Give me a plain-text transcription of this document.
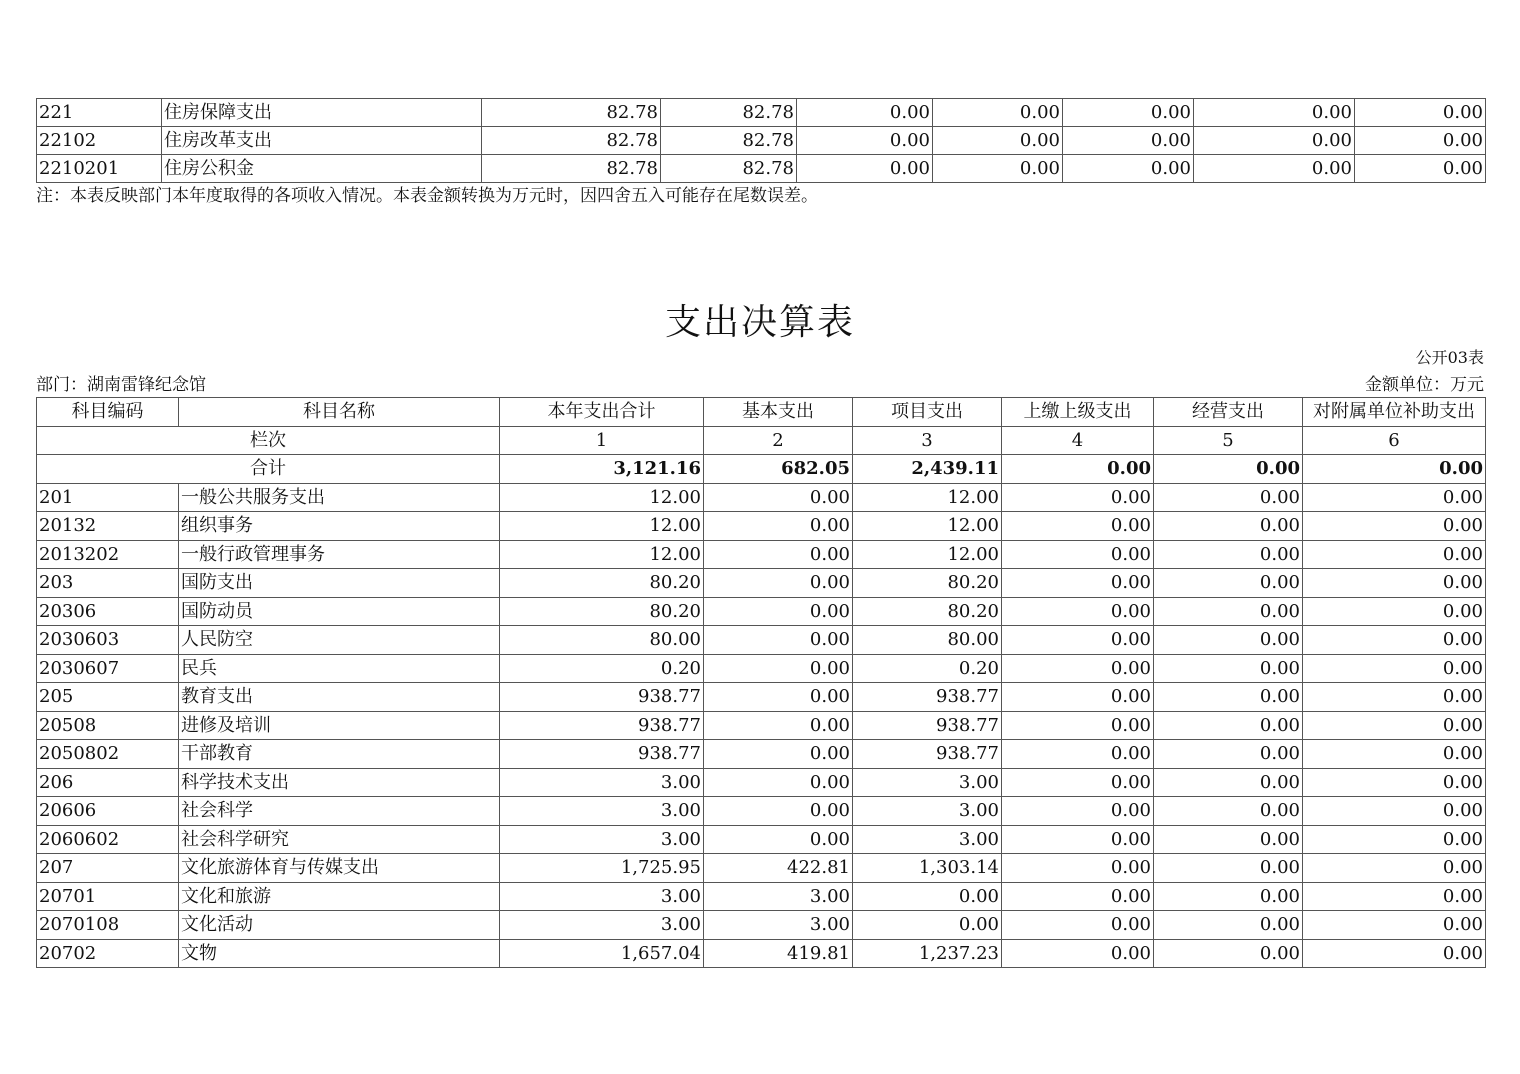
221	住房保障支出	82.78	82.78	0.00	0.00	0.00	0.00	0.00
22102	住房改革支出	82.78	82.78	0.00	0.00	0.00	0.00	0.00
2210201	住房公积金	82.78	82.78	0.00	0.00	0.00	0.00	0.00
注：本表反映部门本年度取得的各项收入情况。本表金额转换为万元时，因四舍五入可能存在尾数误差。
支出决算表
公开03表
部门：湖南雷锋纪念馆	金额单位：万元
科目编码	科目名称	本年支出合计	基本支出	项目支出	上缴上级支出	经营支出	对附属单位补助支出
栏次		1	2	3	4	5	6
合计		3,121.16	682.05	2,439.11	0.00	0.00	0.00
201	一般公共服务支出	12.00	0.00	12.00	0.00	0.00	0.00
20132	组织事务	12.00	0.00	12.00	0.00	0.00	0.00
2013202	一般行政管理事务	12.00	0.00	12.00	0.00	0.00	0.00
203	国防支出	80.20	0.00	80.20	0.00	0.00	0.00
20306	国防动员	80.20	0.00	80.20	0.00	0.00	0.00
2030603	人民防空	80.00	0.00	80.00	0.00	0.00	0.00
2030607	民兵	0.20	0.00	0.20	0.00	0.00	0.00
205	教育支出	938.77	0.00	938.77	0.00	0.00	0.00
20508	进修及培训	938.77	0.00	938.77	0.00	0.00	0.00
2050802	干部教育	938.77	0.00	938.77	0.00	0.00	0.00
206	科学技术支出	3.00	0.00	3.00	0.00	0.00	0.00
20606	社会科学	3.00	0.00	3.00	0.00	0.00	0.00
2060602	社会科学研究	3.00	0.00	3.00	0.00	0.00	0.00
207	文化旅游体育与传媒支出	1,725.95	422.81	1,303.14	0.00	0.00	0.00
20701	文化和旅游	3.00	3.00	0.00	0.00	0.00	0.00
2070108	文化活动	3.00	3.00	0.00	0.00	0.00	0.00
20702	文物	1,657.04	419.81	1,237.23	0.00	0.00	0.00
